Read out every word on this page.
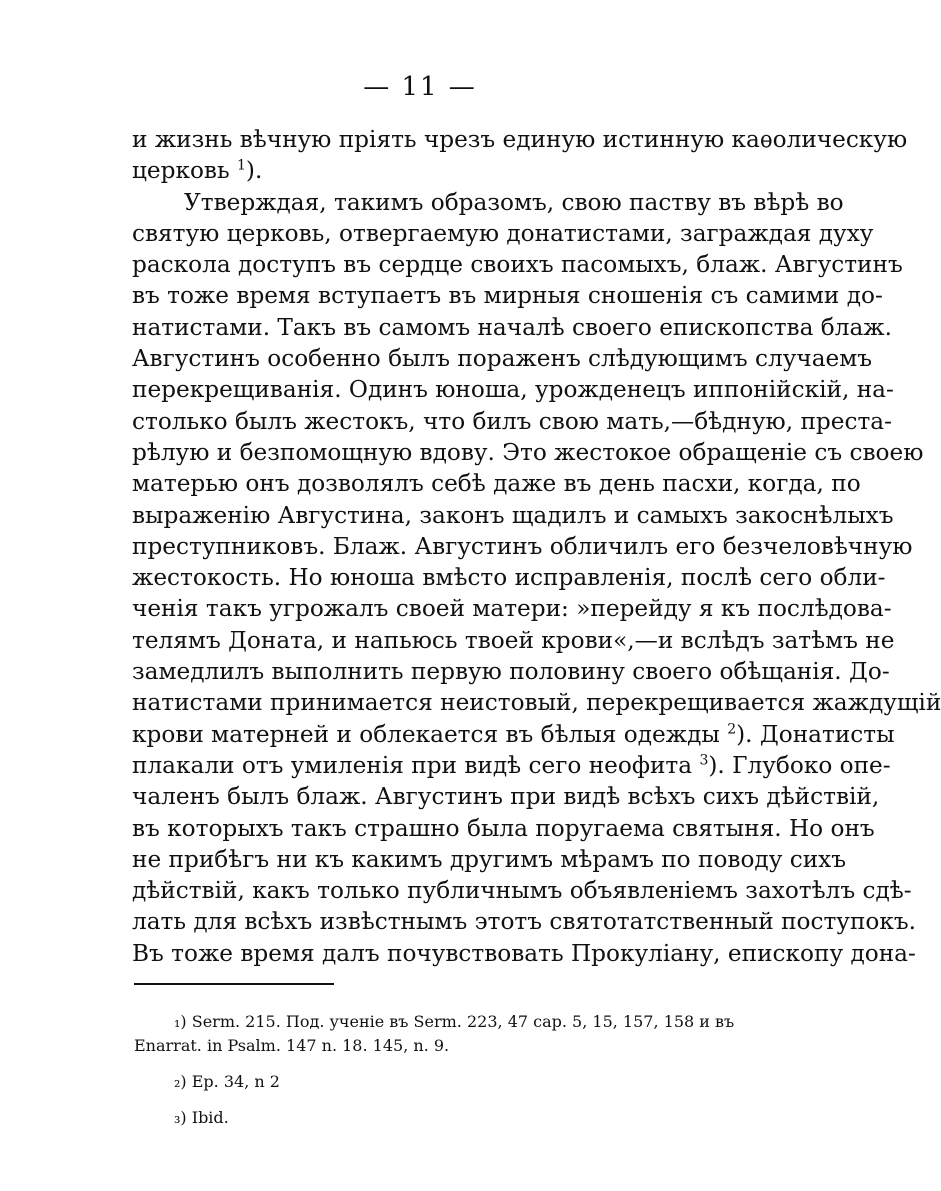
— 11 —

и жизнь вѣчную пріять чрезъ единую истинную каѳолическую
церковь $^1$).

Утверждая, такимъ образомъ, свою паству въ вѣрѣ во
святую церковь, отвергаемую донатистами, заграждая духу
раскола доступъ въ сердце своихъ пасомыхъ, блаж. Августинъ
въ тоже время вступаетъ въ мирныя сношенія съ самими до-
натистами. Такъ въ самомъ началѣ своего епископства блаж.
Августинъ особенно былъ пораженъ слѣдующимъ случаемъ
перекрещиванія. Одинъ юноша, урожденецъ иппонійскій, на-
столько былъ жестокъ, что билъ свою мать,—бѣдную, преста-
рѣлую и безпомощную вдову. Это жестокое обращеніе съ своею
матерью онъ дозволялъ себѣ даже въ день пасхи, когда, по
выраженію Августина, законъ щадилъ и самыхъ закоснѣлыхъ
преступниковъ. Блаж. Августинъ обличилъ его безчеловѣчную
жестокость. Но юноша вмѣсто исправленія, послѣ сего обли-
ченія такъ угрожалъ своей матери: »перейду я къ послѣдова-
телямъ Доната, и напьюсь твоей крови«,—и вслѣдъ затѣмъ не
замедлилъ выполнить первую половину своего обѣщанія. До-
натистами принимается неистовый, перекрещивается жаждущій
крови матерней и облекается въ бѣлыя одежды $^2$). Донатисты
плакали отъ умиленія при видѣ сего неофита $^3$). Глубоко опе-
чаленъ былъ блаж. Августинъ при видѣ всѣхъ сихъ дѣйствій,
въ которыхъ такъ страшно была поругаема святыня. Но онъ
не прибѣгъ ни къ какимъ другимъ мѣрамъ по поводу сихъ
дѣйствій, какъ только публичнымъ объявленіемъ захотѣлъ сдѣ-
лать для всѣхъ извѣстнымъ этотъ святотатственный поступокъ.
Въ тоже время далъ почувствовать Прокуліану, епископу дона-

₁) Serm. 215. Под. ученіе въ Serm. 223, 47 cap. 5, 15, 157, 158 и въ
Enarrat. in Psalm. 147 n. 18. 145, n. 9.
₂) Ep. 34, n 2
₃) Ibid.
